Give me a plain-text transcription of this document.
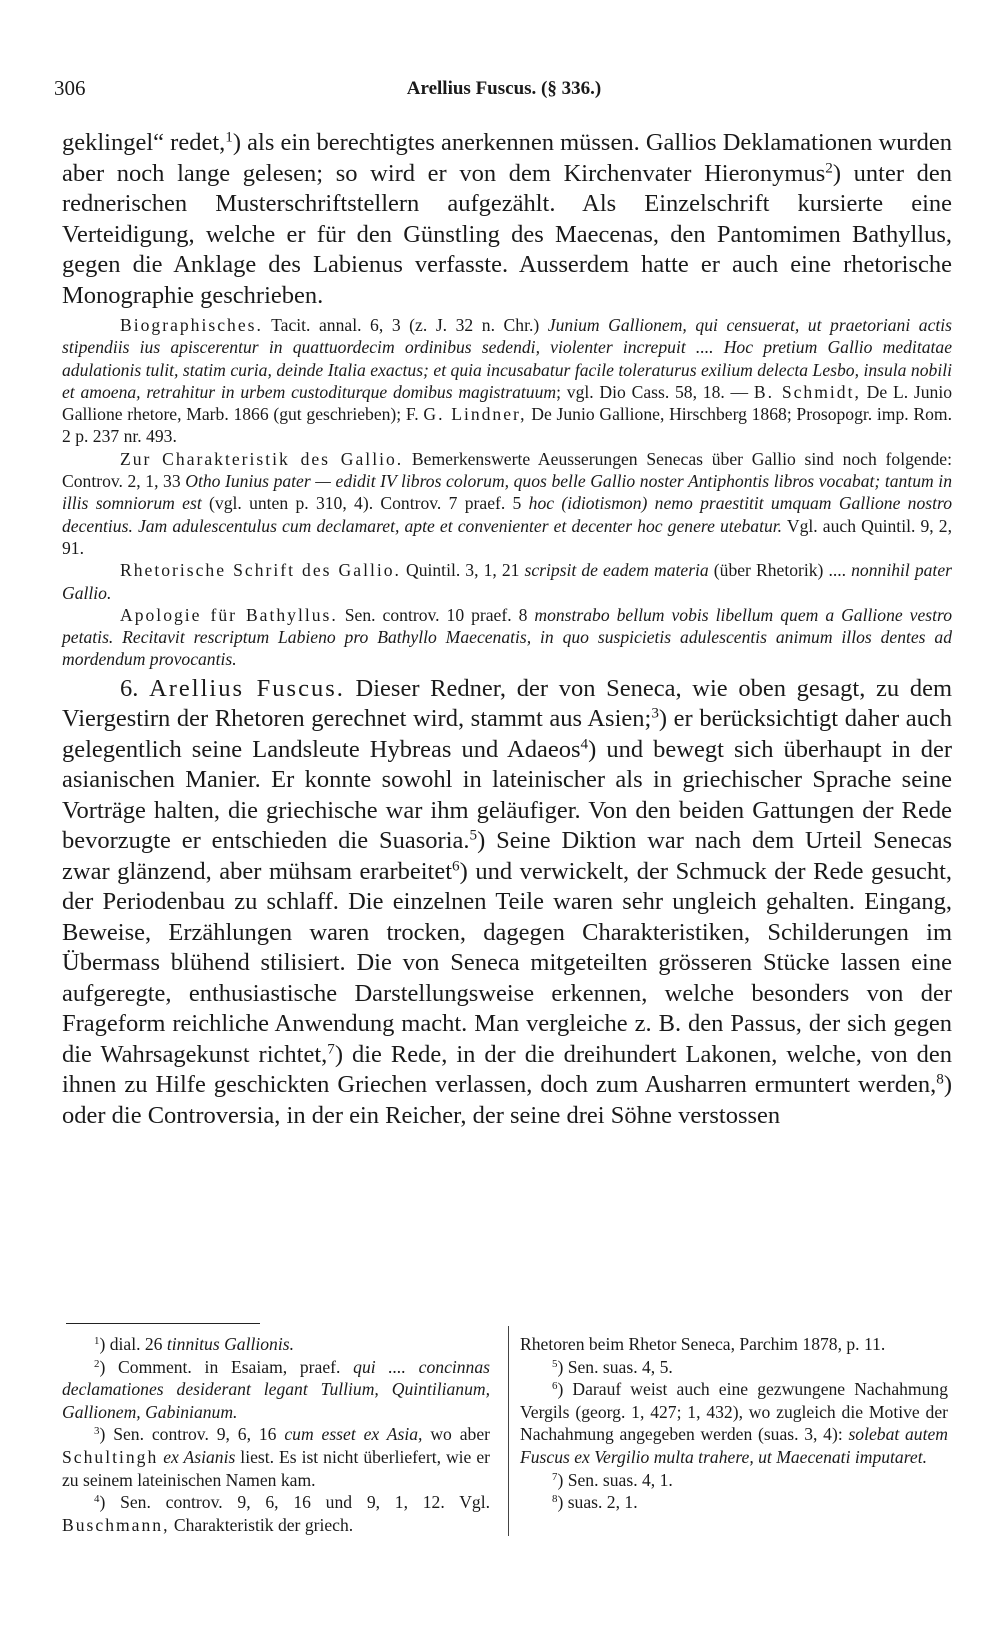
306	Arellius Fuscus. (§ 336.)

geklingel“ redet,$^1$) als ein berechtigtes anerkennen müssen. Gallios Deklamationen wurden aber noch lange gelesen; so wird er von dem Kirchenvater Hieronymus$^2$) unter den rednerischen Musterschriftstellern aufgezählt. Als Einzelschrift kursierte eine Verteidigung, welche er für den Günstling des Maecenas, den Pantomimen Bathyllus, gegen die Anklage des Labienus verfasste. Ausserdem hatte er auch eine rhetorische Monographie geschrieben.

Biographisches. Tacit. annal. 6, 3 (z. J. 32 n. Chr.) Junium Gallionem, qui censuerat, ut praetoriani actis stipendiis ius apiscerentur in quattuordecim ordinibus sedendi, violenter increpuit .... Hoc pretium Gallio meditatae adulationis tulit, statim curia, deinde Italia exactus; et quia incusabatur facile toleraturus exilium delecta Lesbo, insula nobili et amoena, retrahitur in urbem custoditurque domibus magistratuum; vgl. Dio Cass. 58, 18. — B. Schmidt, De L. Junio Gallione rhetore, Marb. 1866 (gut geschrieben); F. G. Lindner, De Junio Gallione, Hirschberg 1868; Prosopogr. imp. Rom. 2 p. 237 nr. 493.

Zur Charakteristik des Gallio. Bemerkenswerte Aeusserungen Senecas über Gallio sind noch folgende: Controv. 2, 1, 33 Otho Iunius pater — edidit IV libros colorum, quos belle Gallio noster Antiphontis libros vocabat; tantum in illis somniorum est (vgl. unten p. 310, 4). Controv. 7 praef. 5 hoc (idiotismon) nemo praestitit umquam Gallione nostro decentius. Jam adulescentulus cum declamaret, apte et convenienter et decenter hoc genere utebatur. Vgl. auch Quintil. 9, 2, 91.

Rhetorische Schrift des Gallio. Quintil. 3, 1, 21 scripsit de eadem materia (über Rhetorik) .... nonnihil pater Gallio.

Apologie für Bathyllus. Sen. controv. 10 praef. 8 monstrabo bellum vobis libellum quem a Gallione vestro petatis. Recitavit rescriptum Labieno pro Bathyllo Maecenatis, in quo suspicietis adulescentis animum illos dentes ad mordendum provocantis.

6. Arellius Fuscus. Dieser Redner, der von Seneca, wie oben gesagt, zu dem Viergestirn der Rhetoren gerechnet wird, stammt aus Asien;$^3$) er berücksichtigt daher auch gelegentlich seine Landsleute Hybreas und Adaeos$^4$) und bewegt sich überhaupt in der asianischen Manier. Er konnte sowohl in lateinischer als in griechischer Sprache seine Vorträge halten, die griechische war ihm geläufiger. Von den beiden Gattungen der Rede bevorzugte er entschieden die Suasoria.$^5$) Seine Diktion war nach dem Urteil Senecas zwar glänzend, aber mühsam erarbeitet$^6$) und verwickelt, der Schmuck der Rede gesucht, der Periodenbau zu schlaff. Die einzelnen Teile waren sehr ungleich gehalten. Eingang, Beweise, Erzählungen waren trocken, dagegen Charakteristiken, Schilderungen im Übermass blühend stilisiert. Die von Seneca mitgeteilten grösseren Stücke lassen eine aufgeregte, enthusiastische Darstellungsweise erkennen, welche besonders von der Frageform reichliche Anwendung macht. Man vergleiche z. B. den Passus, der sich gegen die Wahrsagekunst richtet,$^7$) die Rede, in der die dreihundert Lakonen, welche, von den ihnen zu Hilfe geschickten Griechen verlassen, doch zum Ausharren ermuntert werden,$^8$) oder die Controversia, in der ein Reicher, der seine drei Söhne verstossen

$^1$) dial. 26 tinnitus Gallionis.

$^2$) Comment. in Esaiam, praef. qui .... concinnas declamationes desiderant legant Tullium, Quintilianum, Gallionem, Gabinianum.

$^3$) Sen. controv. 9, 6, 16 cum esset ex Asia, wo aber Schultingh ex Asianis liest. Es ist nicht überliefert, wie er zu seinem lateinischen Namen kam.

$^4$) Sen. controv. 9, 6, 16 und 9, 1, 12. Vgl. Buschmann, Charakteristik der griech.

Rhetoren beim Rhetor Seneca, Parchim 1878, p. 11.

$^5$) Sen. suas. 4, 5.

$^6$) Darauf weist auch eine gezwungene Nachahmung Vergils (georg. 1, 427; 1, 432), wo zugleich die Motive der Nachahmung angegeben werden (suas. 3, 4): solebat autem Fuscus ex Vergilio multa trahere, ut Maecenati imputaret.

$^7$) Sen. suas. 4, 1.

$^8$) suas. 2, 1.
